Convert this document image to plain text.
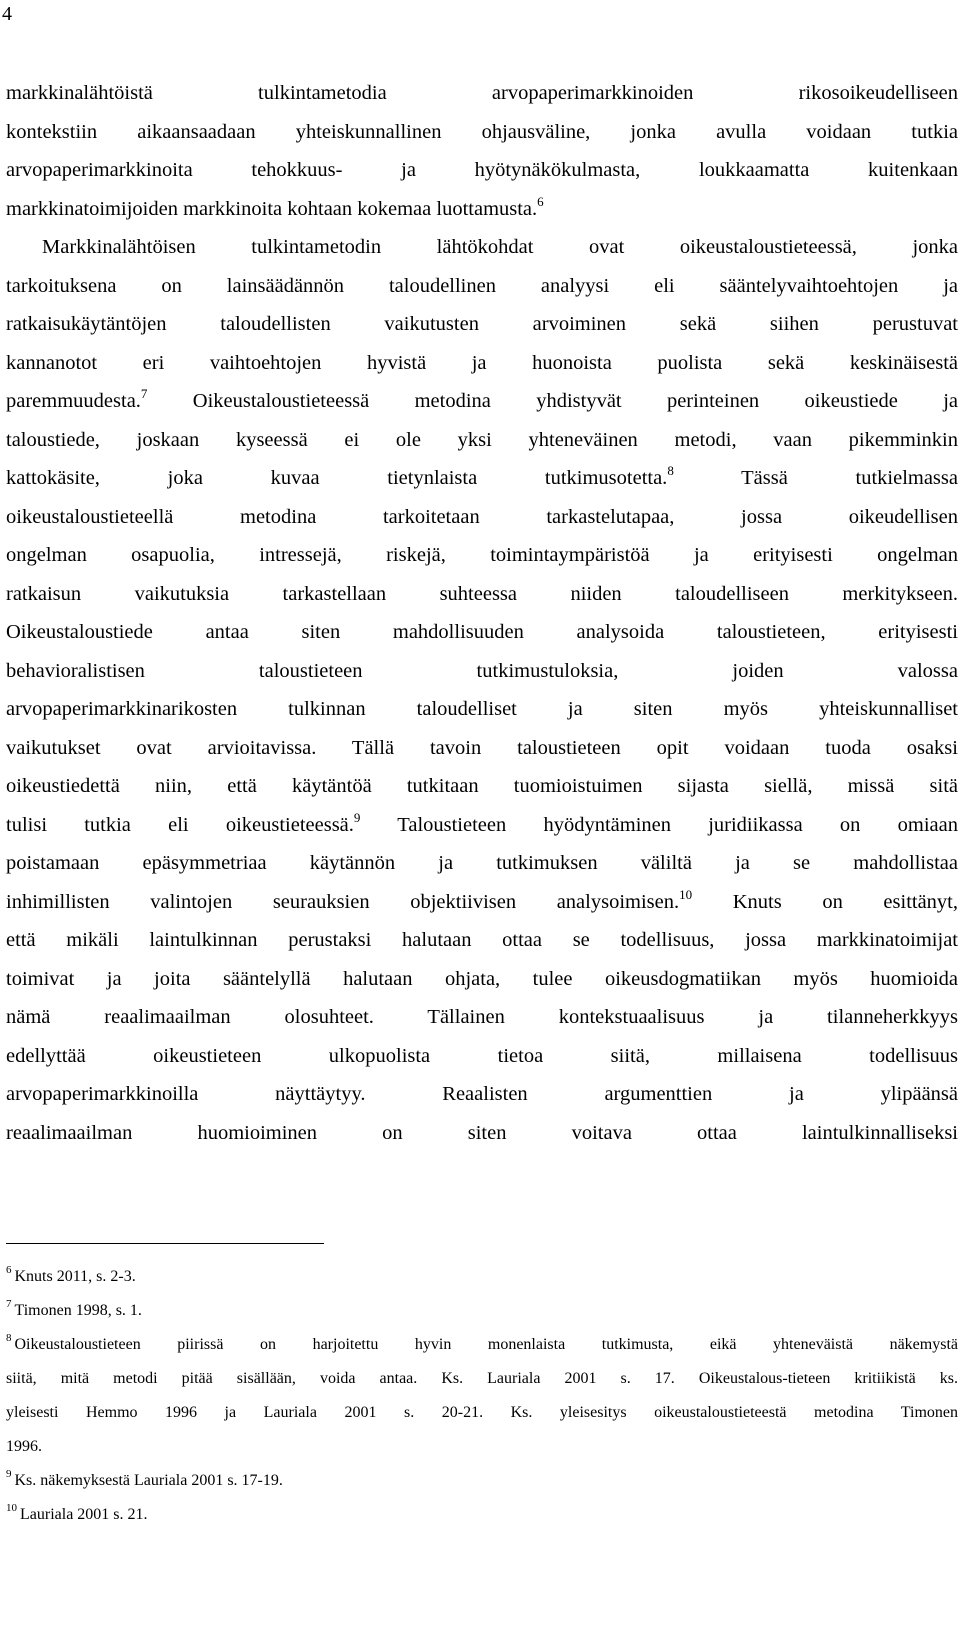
4
markkinalähtöistä tulkintametodia arvopaperimarkkinoiden rikosoikeudelliseen
kontekstiin aikaansaadaan yhteiskunnallinen ohjausväline, jonka avulla voidaan tutkia
arvopaperimarkkinoita tehokkuus- ja hyötynäkökulmasta, loukkaamatta kuitenkaan
markkinatoimijoiden markkinoita kohtaan kokemaa luottamusta.$^6$
Markkinalähtöisen tulkintametodin lähtökohdat ovat oikeustaloustieteessä, jonka
tarkoituksena on lainsäädännön taloudellinen analyysi eli sääntelyvaihtoehtojen ja
ratkaisukäytäntöjen taloudellisten vaikutusten arvoiminen sekä siihen perustuvat
kannanotot eri vaihtoehtojen hyvistä ja huonoista puolista sekä keskinäisestä
paremmuudesta.$^7$ Oikeustaloustieteessä metodina yhdistyvät perinteinen oikeustiede ja
taloustiede, joskaan kyseessä ei ole yksi yhteneväinen metodi, vaan pikemminkin
kattokäsite, joka kuvaa tietynlaista tutkimusotetta.$^8$	Tässä tutkielmassa
oikeustaloustieteellä metodina tarkoitetaan tarkastelutapaa, jossa oikeudellisen
ongelman osapuolia, intressejä, riskejä, toimintaympäristöä ja erityisesti ongelman
ratkaisun vaikutuksia tarkastellaan suhteessa niiden taloudelliseen merkitykseen.
Oikeustaloustiede antaa siten mahdollisuuden analysoida taloustieteen, erityisesti
behavioralistisen taloustieteen tutkimustuloksia, joiden valossa
arvopaperimarkkinarikosten tulkinnan taloudelliset ja siten myös yhteiskunnalliset
vaikutukset ovat arvioitavissa. Tällä tavoin taloustieteen opit voidaan tuoda osaksi
oikeustiedettä niin, että käytäntöä tutkitaan tuomioistuimen sijasta siellä, missä sitä
tulisi tutkia eli oikeustieteessä.$^9$ Taloustieteen hyödyntäminen juridiikassa on omiaan
poistamaan epäsymmetriaa käytännön ja tutkimuksen väliltä ja se mahdollistaa
inhimillisten valintojen seurauksien objektiivisen analysoimisen.$^{10}$ Knuts on esittänyt,
että mikäli laintulkinnan perustaksi halutaan ottaa se todellisuus, jossa markkinatoimijat
toimivat ja joita sääntelyllä halutaan ohjata, tulee oikeusdogmatiikan myös huomioida
nämä reaalimaailman olosuhteet. Tällainen kontekstuaalisuus ja tilanneherkkyys
edellyttää oikeustieteen ulkopuolista tietoa siitä, millaisena todellisuus
arvopaperimarkkinoilla näyttäytyy. Reaalisten argumenttien ja ylipäänsä
reaalimaailman huomioiminen on siten voitava ottaa laintulkinnalliseksi
$^6$ Knuts 2011, s. 2-3.
$^7$ Timonen 1998, s. 1.
$^8$ Oikeustaloustieteen piirissä on harjoitettu hyvin monenlaista tutkimusta, eikä yhteneväistä näkemystä
siitä, mitä metodi pitää sisällään, voida antaa. Ks. Lauriala 2001 s. 17. Oikeustalous-tieteen kritiikistä ks.
yleisesti Hemmo 1996 ja Lauriala 2001 s. 20-21. Ks. yleisesitys oikeustaloustieteestä metodina Timonen
1996.
$^9$ Ks. näkemyksestä Lauriala 2001 s. 17-19.
$^{10}$ Lauriala 2001 s. 21.
